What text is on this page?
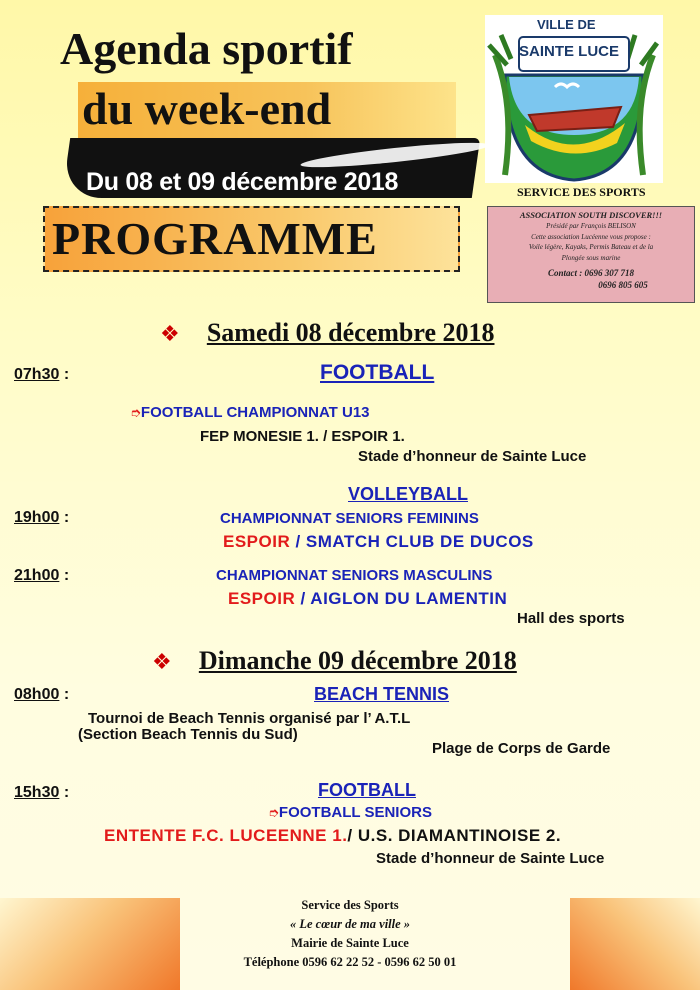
Agenda sportif
du week-end
Du 08 et 09 décembre 2018
PROGRAMME
VILLE DE
SAINTE LUCE
SERVICE DES SPORTS
ASSOCIATION SOUTH DISCOVER!!!
Présidé par François BELISON
Cette association Lucéenne vous propose :
Voile légère, Kayaks, Permis Bateau et de la
Plongée sous marine
Contact : 0696 307 718
0696 805 605
❖ Samedi 08 décembre 2018
07h30 :	FOOTBALL
➮FOOTBALL CHAMPIONNAT U13
FEP MONESIE 1. / ESPOIR 1.
Stade d’honneur de Sainte Luce
VOLLEYBALL
19h00 :	CHAMPIONNAT SENIORS FEMININS
ESPOIR / SMATCH CLUB DE DUCOS
21h00 :	CHAMPIONNAT SENIORS MASCULINS
ESPOIR / AIGLON DU LAMENTIN
Hall des sports
❖ Dimanche 09 décembre 2018
08h00 :	BEACH TENNIS
Tournoi de Beach Tennis organisé par l’ A.T.L
(Section Beach Tennis du Sud)
Plage de Corps de Garde
15h30 :	FOOTBALL
➮FOOTBALL SENIORS
ENTENTE F.C. LUCEENNE 1./ U.S. DIAMANTINOISE 2.
Stade d’honneur de Sainte Luce
Service des Sports
« Le cœur de ma ville »
Mairie de Sainte Luce
Téléphone 0596 62 22 52 - 0596 62 50 01
